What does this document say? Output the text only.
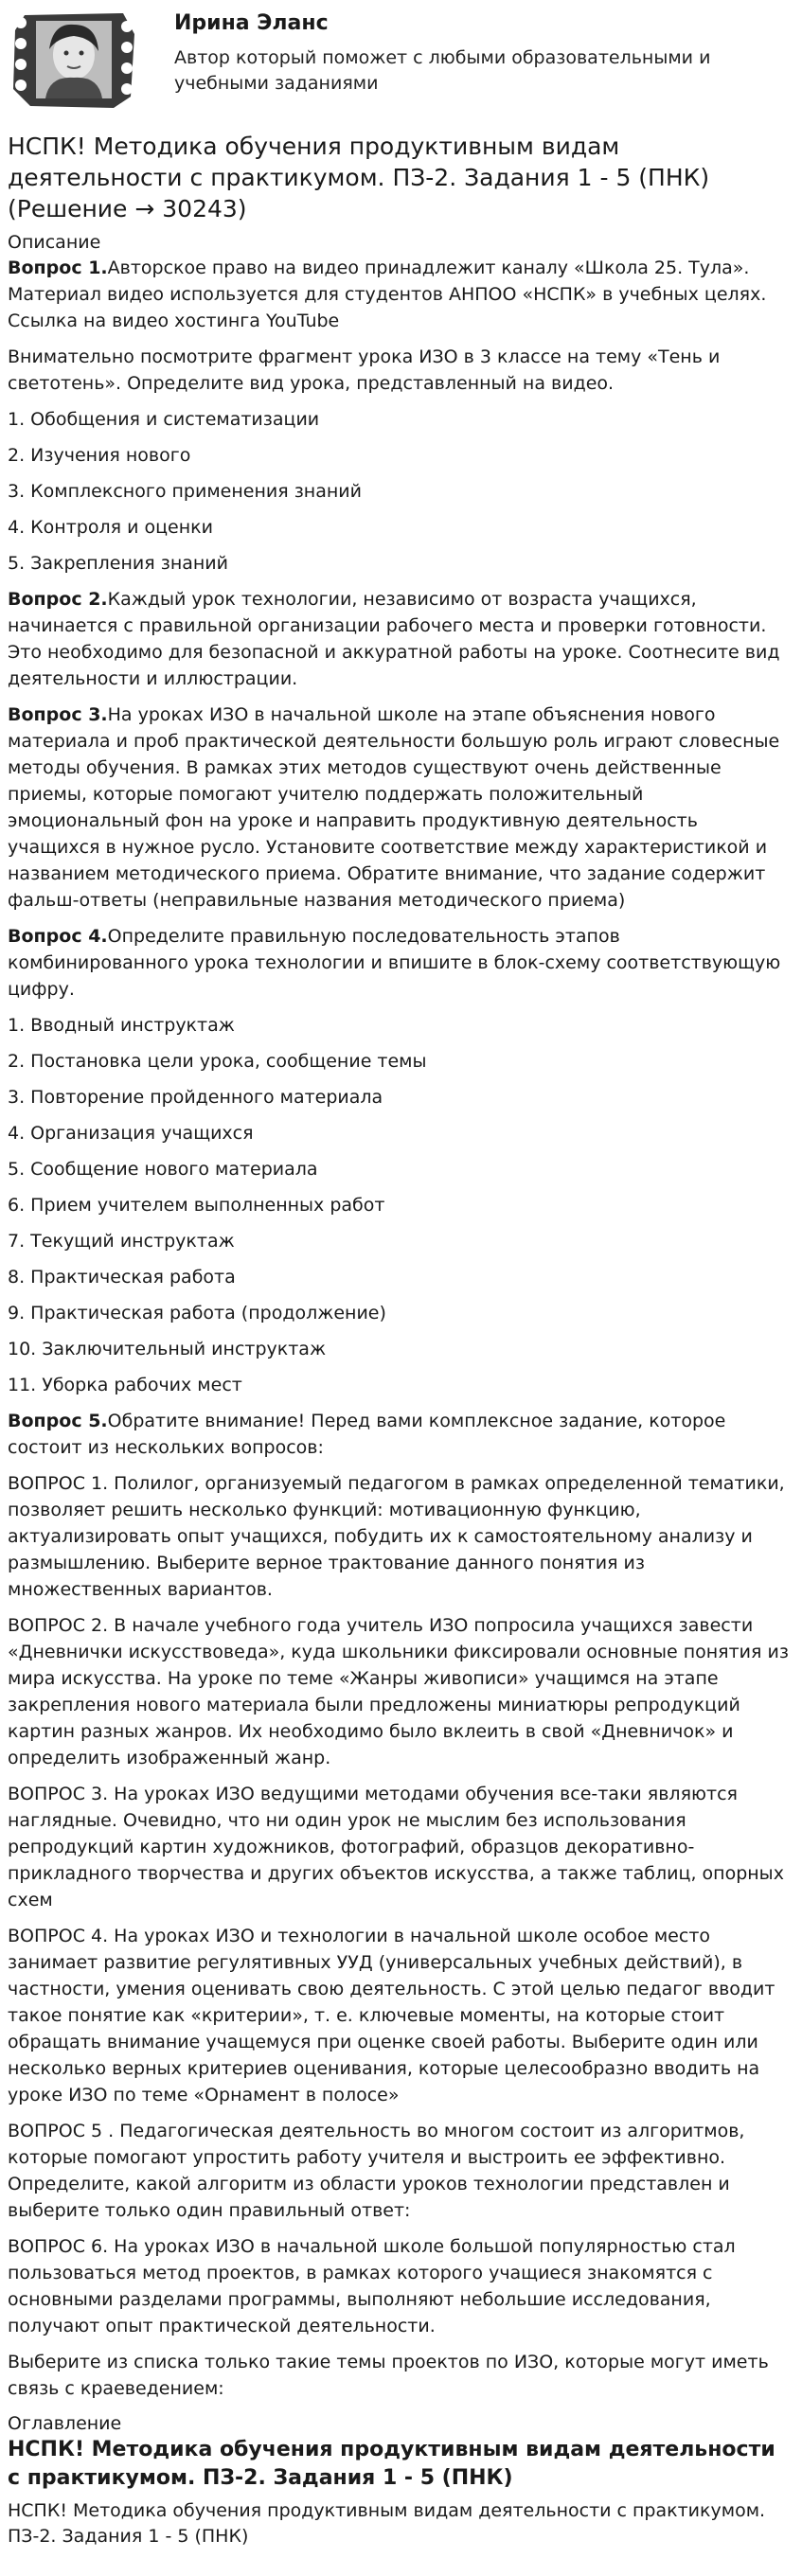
Ирина Эланс
Автор который поможет с любыми образовательными и учебными заданиями
НСПК! Методика обучения продуктивным видам деятельности с практикумом. ПЗ-2. Задания 1 - 5 (ПНК) (Решение → 30243)
Описание

Вопрос 1.Авторское право на видео принадлежит каналу «Школа 25. Тула». Материал видео используется для студентов АНПОО «НСПК» в учебных целях. Ссылка на видео хостинга YouTube

Внимательно посмотрите фрагмент урока ИЗО в 3 классе на тему «Тень и светотень». Определите вид урока, представленный на видео.

1. Обобщения и систематизации

2. Изучения нового

3. Комплексного применения знаний

4. Контроля и оценки

5. Закрепления знаний

Вопрос 2.Каждый урок технологии, независимо от возраста учащихся, начинается с правильной организации рабочего места и проверки готовности. Это необходимо для безопасной и аккуратной работы на уроке. Соотнесите вид деятельности и иллюстрации.

Вопрос 3.На уроках ИЗО в начальной школе на этапе объяснения нового материала и проб практической деятельности большую роль играют словесные методы обучения. В рамках этих методов существуют очень действенные приемы, которые помогают учителю поддержать положительный эмоциональный фон на уроке и направить продуктивную деятельность учащихся в нужное русло. Установите соответствие между характеристикой и названием методического приема. Обратите внимание, что задание содержит фальш-ответы (неправильные названия методического приема)

Вопрос 4.Определите правильную последовательность этапов комбинированного урока технологии и впишите в блок-схему соответствующую цифру.

1. Вводный инструктаж

2. Постановка цели урока, сообщение темы

3. Повторение пройденного материала

4. Организация учащихся

5. Сообщение нового материала

6. Прием учителем выполненных работ

7. Текущий инструктаж

8. Практическая работа

9. Практическая работа (продолжение)

10. Заключительный инструктаж

11. Уборка рабочих мест

Вопрос 5.Обратите внимание! Перед вами комплексное задание, которое состоит из нескольких вопросов:

ВОПРОС 1. Полилог, организуемый педагогом в рамках определенной тематики, позволяет решить несколько функций: мотивационную функцию, актуализировать опыт учащихся, побудить их к самостоятельному анализу и размышлению. Выберите верное трактование данного понятия из множественных вариантов.

ВОПРОС 2. В начале учебного года учитель ИЗО попросила учащихся завести «Дневнички искусствоведа», куда школьники фиксировали основные понятия из мира искусства. На уроке по теме «Жанры живописи» учащимся на этапе закрепления нового материала были предложены миниатюры репродукций картин разных жанров. Их необходимо было вклеить в свой «Дневничок» и определить изображенный жанр.

ВОПРОС 3. На уроках ИЗО ведущими методами обучения все-таки являются наглядные. Очевидно, что ни один урок не мыслим без использования репродукций картин художников, фотографий, образцов декоративно-прикладного творчества и других объектов искусства, а также таблиц, опорных схем

ВОПРОС 4. На уроках ИЗО и технологии в начальной школе особое место занимает развитие регулятивных УУД (универсальных учебных действий), в частности, умения оценивать свою деятельность. С этой целью педагог вводит такое понятие как «критерии», т. е. ключевые моменты, на которые стоит обращать внимание учащемуся при оценке своей работы. Выберите один или несколько верных критериев оценивания, которые целесообразно вводить на уроке ИЗО по теме «Орнамент в полосе»

ВОПРОС 5 . Педагогическая деятельность во многом состоит из алгоритмов, которые помогают упростить работу учителя и выстроить ее эффективно. Определите, какой алгоритм из области уроков технологии представлен и выберите только один правильный ответ:

ВОПРОС 6. На уроках ИЗО в начальной школе большой популярностью стал пользоваться метод проектов, в рамках которого учащиеся знакомятся с основными разделами программы, выполняют небольшие исследования, получают опыт практической деятельности.

Выберите из списка только такие темы проектов по ИЗО, которые могут иметь связь с краеведением:

Оглавление
НСПК! Методика обучения продуктивным видам деятельности с практикумом. ПЗ-2. Задания 1 - 5 (ПНК)
НСПК! Методика обучения продуктивным видам деятельности с практикумом. ПЗ-2. Задания 1 - 5 (ПНК)
